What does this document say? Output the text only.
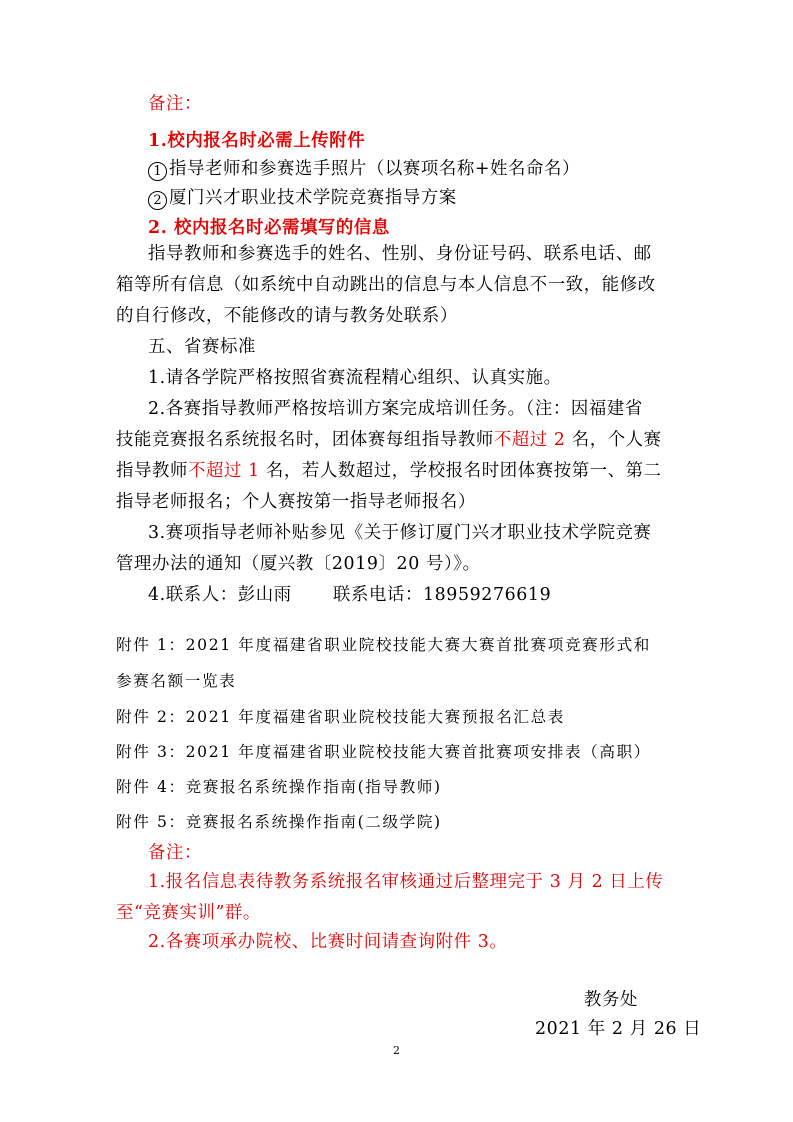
备注：
1.校内报名时必需上传附件
1 指导老师和参赛选手照片（以赛项名称+姓名命名）
2 厦门兴才职业技术学院竞赛指导方案
2. 校内报名时必需填写的信息
指导教师和参赛选手的姓名、性别、身份证号码、联系电话、邮
箱等所有信息（如系统中自动跳出的信息与本人信息不一致，能修改
的自行修改，不能修改的请与教务处联系）
五、省赛标准
1.请各学院严格按照省赛流程精心组织、认真实施。
2.各赛指导教师严格按培训方案完成培训任务。（注：因福建省
技能竞赛报名系统报名时，团体赛每组指导教师不超过 2 名，个人赛
指导教师不超过 1 名，若人数超过，学校报名时团体赛按第一、第二
指导老师报名；个人赛按第一指导老师报名）
3.赛项指导老师补贴参见《关于修订厦门兴才职业技术学院竞赛
管理办法的通知（厦兴教〔2019〕20 号）》。
4.联系人：彭山雨 联系电话：18959276619
附件 1：2021 年度福建省职业院校技能大赛大赛首批赛项竞赛形式和
参赛名额一览表
附件 2：2021 年度福建省职业院校技能大赛预报名汇总表
附件 3：2021 年度福建省职业院校技能大赛首批赛项安排表（高职）
附件 4：竞赛报名系统操作指南(指导教师)
附件 5：竞赛报名系统操作指南(二级学院)
备注：
1.报名信息表待教务系统报名审核通过后整理完于 3 月 2 日上传
至“竞赛实训”群。
2.各赛项承办院校、比赛时间请查询附件 3。
教务处
2021 年 2 月 26 日
2
